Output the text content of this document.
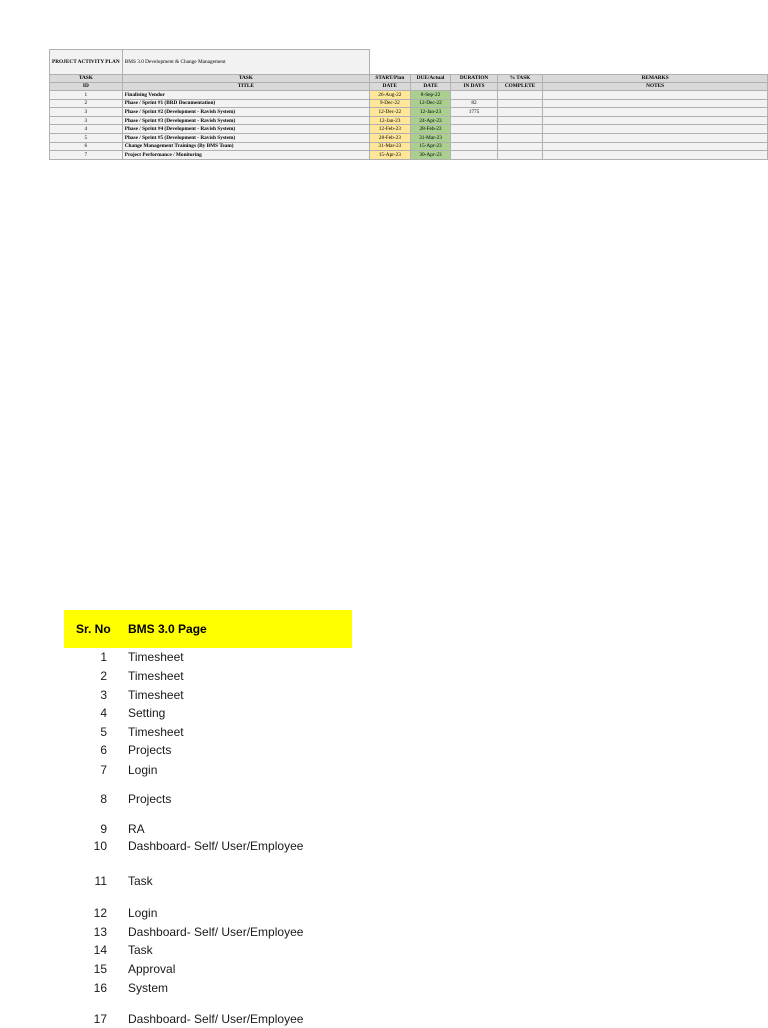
PROJECT ACTIVITY PLAN	BMS 3.0 Development & Change Management					
TASK	TASK	START/Plan	DUE/Actual	DURATION	% TASK	REMARKS
ID	TITLE	DATE	DATE	IN DAYS	COMPLETE	NOTES
1	Finalising Vendor	26-Aug-22	8-Sep-22			
2	Phase / Sprint #1 (BRD Documentation)	9-Dec-22	12-Dec-22	82		
3	Phase / Sprint #2 (Development - Ravish System)	12-Dec-22	12-Jan-23	1775		
3	Phase / Sprint #3 (Development - Ravish System)	12-Jan-23	24-Apr-23			
4	Phase / Sprint #4 (Development - Ravish System)	12-Feb-23	28-Feb-23			
5	Phase / Sprint #5 (Development - Ravish System)	28-Feb-23	31-Mar-23			
6	Change Management Trainings (By BMS Team)	31-Mar-23	15-Apr-23			
7	Project Performance / Monitoring	15-Apr-23	30-Apr-23			
Sr. No BMS 3.0 Page
1 Timesheet
2 Timesheet
3 Timesheet
4 Setting
5 Timesheet
6 Projects
7 Login
8 Projects
9 RA
10 Dashboard- Self/ User/Employee
11 Task
12 Login
13 Dashboard- Self/ User/Employee
14 Task
15 Approval
16 System
17 Dashboard- Self/ User/Employee
